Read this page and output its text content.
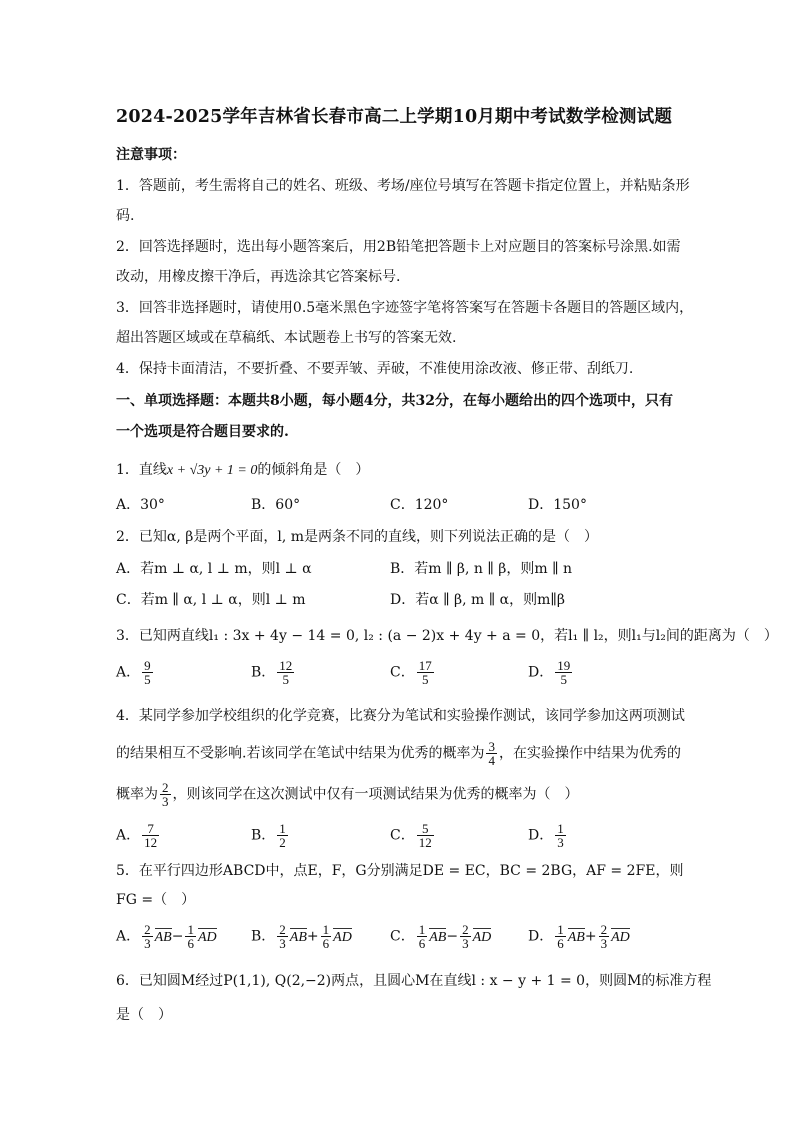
2024-2025学年吉林省长春市高二上学期10月期中考试数学检测试题
注意事项：
1．答题前，考生需将自己的姓名、班级、考场/座位号填写在答题卡指定位置上，并粘贴条形
码.
2．回答选择题时，选出每小题答案后，用2B铅笔把答题卡上对应题目的答案标号涂黑.如需
改动，用橡皮擦干净后，再选涂其它答案标号.
3．回答非选择题时，请使用0.5毫米黑色字迹签字笔将答案写在答题卡各题目的答题区域内，
超出答题区域或在草稿纸、本试题卷上书写的答案无效.
4．保持卡面清洁，不要折叠、不要弄皱、弄破，不准使用涂改液、修正带、刮纸刀.
一、单项选择题：本题共8小题，每小题4分，共32分，在每小题给出的四个选项中，只有
一个选项是符合题目要求的.
1．直线x + √3y + 1 = 0的倾斜角是（　）
A．30°	B．60°	C．120°	D．150°
2．已知α, β是两个平面，l, m是两条不同的直线，则下列说法正确的是（　）
A．若m ⊥ α, l ⊥ m，则l ⊥ α	B．若m ∥ β, n ∥ β，则m ∥ n
C．若m ∥ α, l ⊥ α，则l ⊥ m	D．若α ∥ β, m ∥ α，则m∥β
3．已知两直线l₁ : 3x + 4y − 14 = 0, l₂ : (a − 2)x + 4y + a = 0，若l₁ ∥ l₂，则l₁与l₂间的距离为（　）
A． $\frac{9}{5}$	B． $\frac{12}{5}$	C． $\frac{17}{5}$	D． $\frac{19}{5}$
4．某同学参加学校组织的化学竞赛，比赛分为笔试和实验操作测试，该同学参加这两项测试
的结果相互不受影响.若该同学在笔试中结果为优秀的概率为 $\frac{3}{4}$ ，在实验操作中结果为优秀的
概率为 $\frac{2}{3}$ ，则该同学在这次测试中仅有一项测试结果为优秀的概率为（　）
A． $\frac{7}{12}$	B． $\frac{1}{2}$	C． $\frac{5}{12}$	D． $\frac{1}{3}$
5．在平行四边形ABCD中，点E，F，G分别满足DE = EC，BC = 2BG，AF = 2FE，则
FG =（　）
A． $\frac{2}{3} AB- \frac{1}{6}$ AD B． $\frac{2}{3} AB+ \frac{1}{6}$ AD	C． $\frac{1}{6} AB- \frac{2}{3}$ AD	D． $\frac{1}{6} AB+ \frac{2}{3}$ AD
6．已知圆M经过P(1,1), Q(2,−2)两点，且圆心M在直线l : x − y + 1 = 0，则圆M的标准方程
是（　）
